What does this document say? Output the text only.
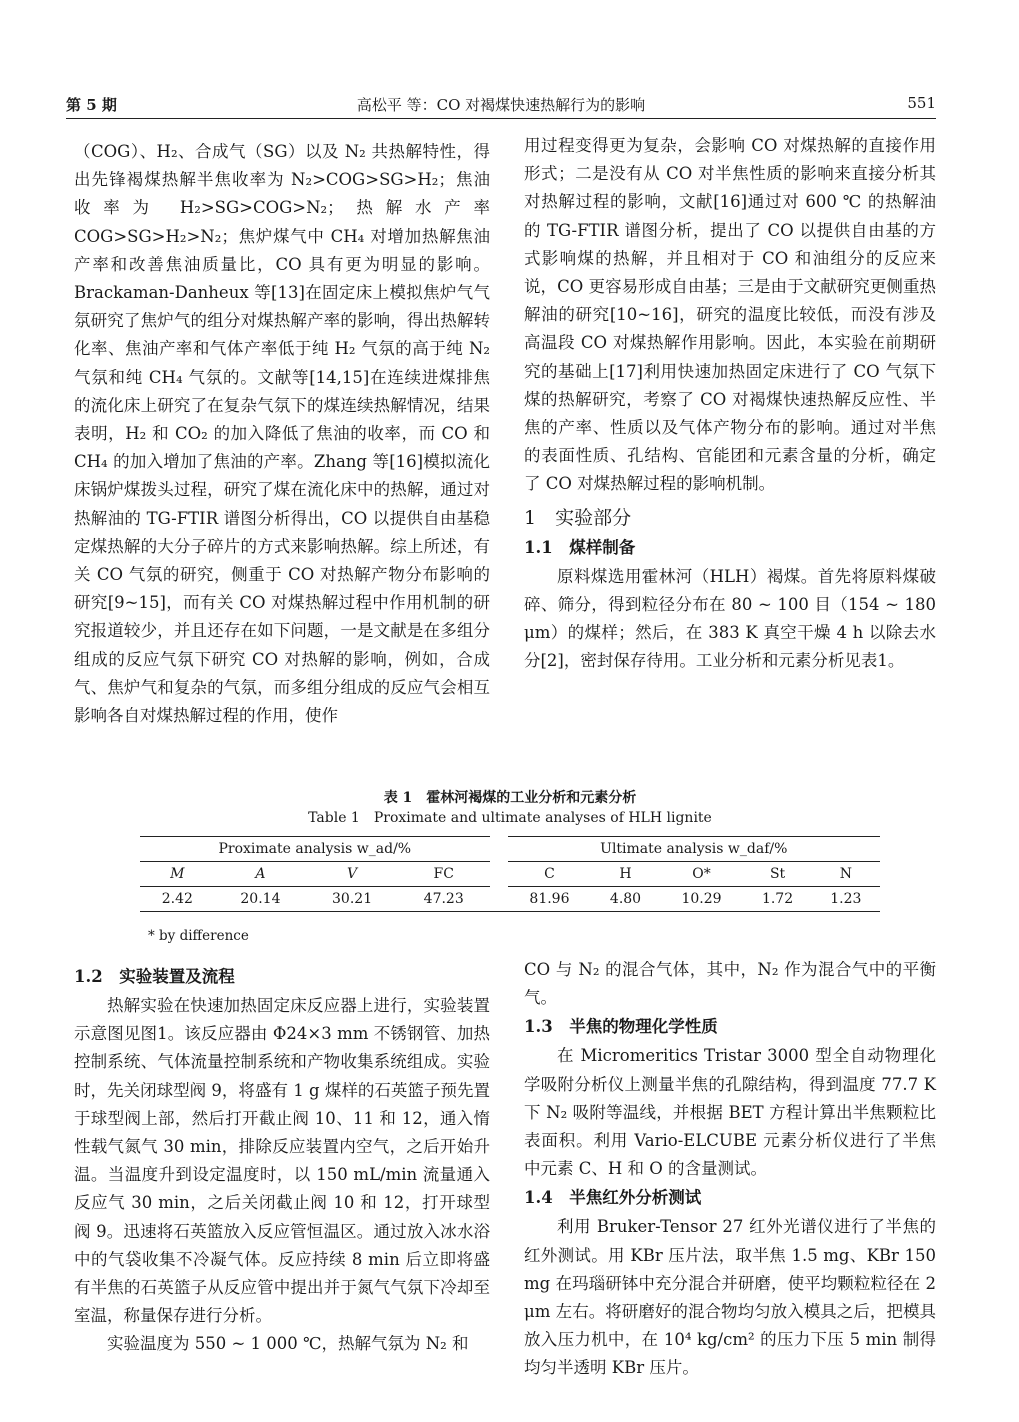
第 5 期	高松平 等：CO 对褐煤快速热解行为的影响	551

（COG）、H₂、合成气（SG）以及 N₂ 共热解特性，得出先锋褐煤热解半焦收率为 N₂>COG>SG>H₂；焦油收率为 H₂>SG>COG>N₂；热解水产率 COG>SG>H₂>N₂；焦炉煤气中 CH₄ 对增加热解焦油产率和改善焦油质量比，CO 具有更为明显的影响。Brackaman-Danheux 等[13]在固定床上模拟焦炉气气氛研究了焦炉气的组分对煤热解产率的影响，得出热解转化率、焦油产率和气体产率低于纯 H₂ 气氛的高于纯 N₂ 气氛和纯 CH₄ 气氛的。文献等[14,15]在连续进煤排焦的流化床上研究了在复杂气氛下的煤连续热解情况，结果表明，H₂ 和 CO₂ 的加入降低了焦油的收率，而 CO 和 CH₄ 的加入增加了焦油的产率。Zhang 等[16]模拟流化床锅炉煤拨头过程，研究了煤在流化床中的热解，通过对热解油的 TG-FTIR 谱图分析得出，CO 以提供自由基稳定煤热解的大分子碎片的方式来影响热解。综上所述，有关 CO 气氛的研究，侧重于 CO 对热解产物分布影响的研究[9~15]，而有关 CO 对煤热解过程中作用机制的研究报道较少，并且还存在如下问题，一是文献是在多组分组成的反应气氛下研究 CO 对热解的影响，例如，合成气、焦炉气和复杂的气氛，而多组分组成的反应气会相互影响各自对煤热解过程的作用，使作

用过程变得更为复杂，会影响 CO 对煤热解的直接作用形式；二是没有从 CO 对半焦性质的影响来直接分析其对热解过程的影响，文献[16]通过对 600 ℃ 的热解油的 TG-FTIR 谱图分析，提出了 CO 以提供自由基的方式影响煤的热解，并且相对于 CO 和油组分的反应来说，CO 更容易形成自由基；三是由于文献研究更侧重热解油的研究[10~16]，研究的温度比较低，而没有涉及高温段 CO 对煤热解作用影响。因此，本实验在前期研究的基础上[17]利用快速加热固定床进行了 CO 气氛下煤的热解研究，考察了 CO 对褐煤快速热解反应性、半焦的产率、性质以及气体产物分布的影响。通过对半焦的表面性质、孔结构、官能团和元素含量的分析，确定了 CO 对煤热解过程的影响机制。

1　实验部分
1.1　煤样制备

原料煤选用霍林河（HLH）褐煤。首先将原料煤破碎、筛分，得到粒径分布在 80 ~ 100 目（154 ~ 180 μm）的煤样；然后，在 383 K 真空干燥 4 h 以除去水分[2]，密封保存待用。工业分析和元素分析见表1。

表 1　霍林河褐煤的工业分析和元素分析
Table 1　Proximate and ultimate analyses of HLH lignite
Proximate analysis w_ad/%					Ultimate analysis w_daf/%				
M	A	V	FC		C	H	O*	St	N
2.42	20.14	30.21	47.23		81.96	4.80	10.29	1.72	1.23
* by difference
1.2　实验装置及流程

热解实验在快速加热固定床反应器上进行，实验装置示意图见图1。该反应器由 Φ24×3 mm 不锈钢管、加热控制系统、气体流量控制系统和产物收集系统组成。实验时，先关闭球型阀 9，将盛有 1 g 煤样的石英篮子预先置于球型阀上部，然后打开截止阀 10、11 和 12，通入惰性载气氮气 30 min，排除反应装置内空气，之后开始升温。当温度升到设定温度时，以 150 mL/min 流量通入反应气 30 min，之后关闭截止阀 10 和 12，打开球型阀 9。迅速将石英篮放入反应管恒温区。通过放入冰水浴中的气袋收集不冷凝气体。反应持续 8 min 后立即将盛有半焦的石英篮子从反应管中提出并于氮气气氛下冷却至室温，称量保存进行分析。

实验温度为 550 ~ 1 000 ℃，热解气氛为 N₂ 和

CO 与 N₂ 的混合气体，其中，N₂ 作为混合气中的平衡气。

1.3　半焦的物理化学性质

在 Micromeritics Tristar 3000 型全自动物理化学吸附分析仪上测量半焦的孔隙结构，得到温度 77.7 K 下 N₂ 吸附等温线，并根据 BET 方程计算出半焦颗粒比表面积。利用 Vario-ELCUBE 元素分析仪进行了半焦中元素 C、H 和 O 的含量测试。

1.4　半焦红外分析测试

利用 Bruker-Tensor 27 红外光谱仪进行了半焦的红外测试。用 KBr 压片法，取半焦 1.5 mg、KBr 150 mg 在玛瑙研钵中充分混合并研磨，使平均颗粒粒径在 2 μm 左右。将研磨好的混合物均匀放入模具之后，把模具放入压力机中，在 10⁴ kg/cm² 的压力下压 5 min 制得均匀半透明 KBr 压片。
